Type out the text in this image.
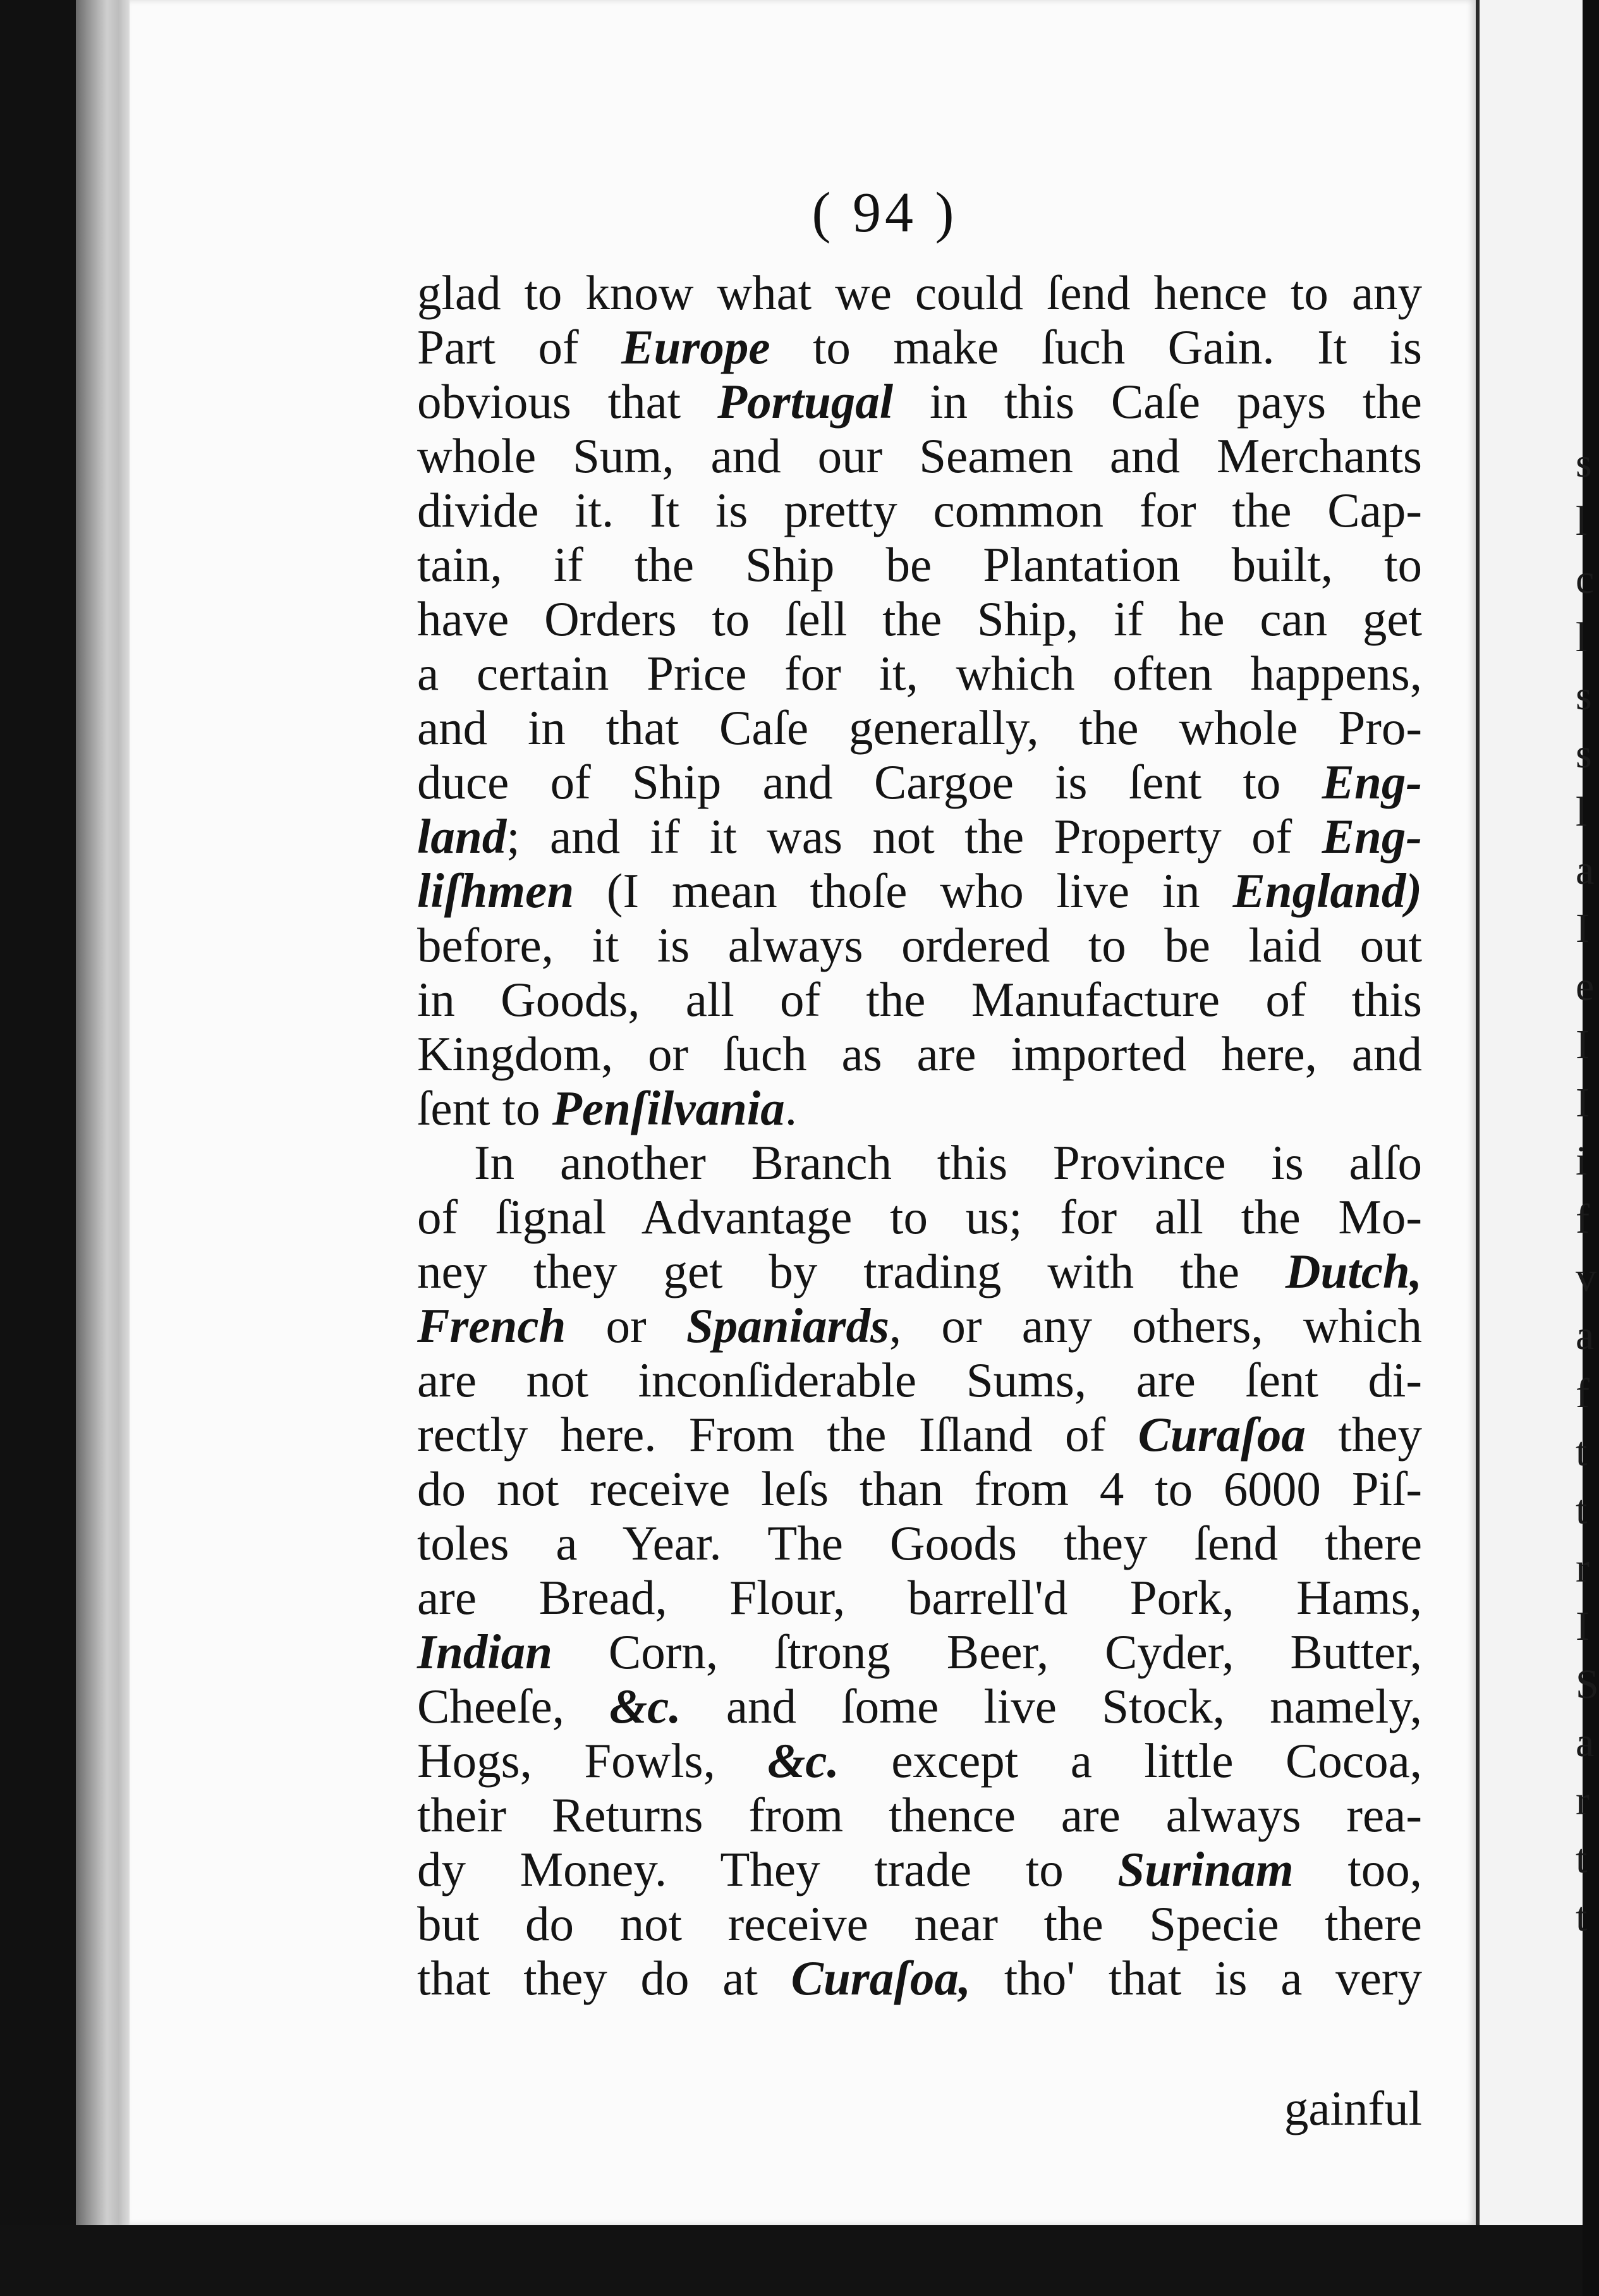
s
l
c
l
s
s
l
a
I
e
I
I
i
f
v
a
f
t
t
r
I
S
a
r
t
t
( 94 )
glad to know what we could ſend hence to any
Part of Europe to make ſuch Gain. It is
obvious that Portugal in this Caſe pays the
whole Sum, and our Seamen and Merchants
divide it. It is pretty common for the Cap-
tain, if the Ship be Plantation built, to
have Orders to ſell the Ship, if he can get
a certain Price for it, which often happens,
and in that Caſe generally, the whole Pro-
duce of Ship and Cargoe is ſent to Eng-
land; and if it was not the Property of Eng-
liſhmen (I mean thoſe who live in England)
before, it is always ordered to be laid out
in Goods, all of the Manufacture of this
Kingdom, or ſuch as are imported here, and
ſent to Penſilvania.
In another Branch this Province is alſo
of ſignal Advantage to us; for all the Mo-
ney they get by trading with the Dutch,
French or Spaniards, or any others, which
are not inconſiderable Sums, are ſent di-
rectly here. From the Iſland of Curaſoa they
do not receive leſs than from 4 to 6000 Piſ-
toles a Year. The Goods they ſend there
are Bread, Flour, barrell'd Pork, Hams,
Indian Corn, ſtrong Beer, Cyder, Butter,
Cheeſe, &c. and ſome live Stock, namely,
Hogs, Fowls, &c. except a little Cocoa,
their Returns from thence are always rea-
dy Money. They trade to Surinam too,
but do not receive near the Specie there
that they do at Curaſoa, tho' that is a very
gainful
